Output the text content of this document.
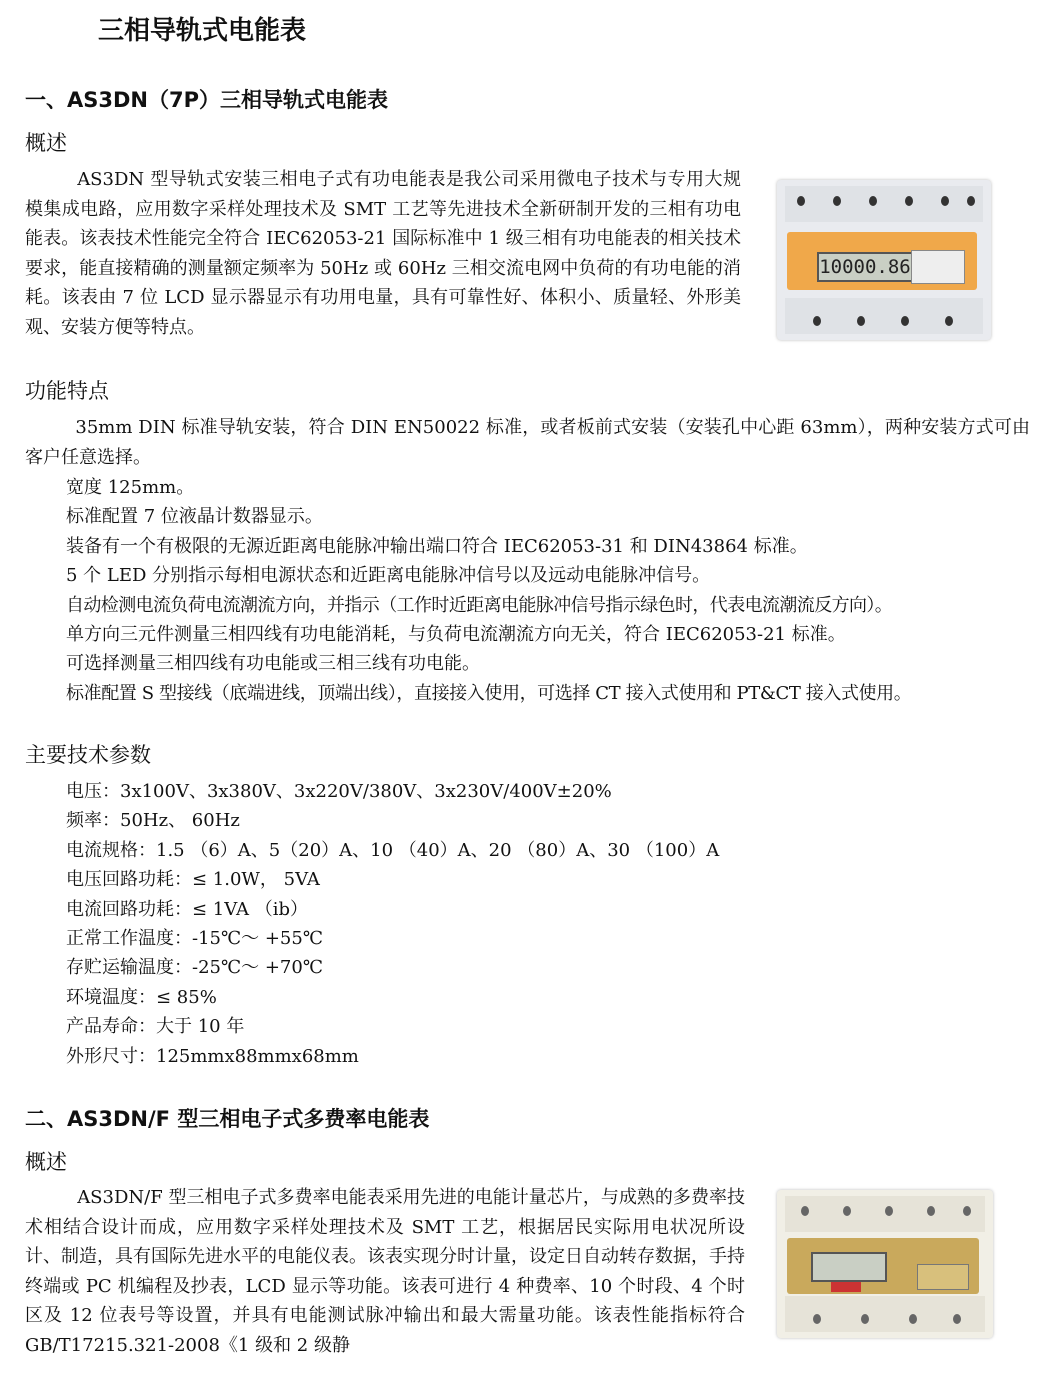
三相导轨式电能表
一、AS3DN（7P）三相导轨式电能表
概述

AS3DN 型导轨式安装三相电子式有功电能表是我公司采用微电子技术与专用大规模集成电路，应用数字采样处理技术及 SMT 工艺等先进技术全新研制开发的三相有功电能表。该表技术性能完全符合 IEC62053-21 国际标准中 1 级三相有功电能表的相关技术要求，能直接精确的测量额定频率为 50Hz 或 60Hz 三相交流电网中负荷的有功电能的消耗。该表由 7 位 LCD 显示器显示有功用电量，具有可靠性好、体积小、质量轻、外形美观、安装方便等特点。

10000.86
功能特点

35mm DIN 标准导轨安装，符合 DIN EN50022 标准，或者板前式安装（安装孔中心距 63mm），两种安装方式可由客户任意选择。

宽度 125mm。
标准配置 7 位液晶计数器显示。
装备有一个有极限的无源近距离电能脉冲输出端口符合 IEC62053-31 和 DIN43864 标准。
5 个 LED 分别指示每相电源状态和近距离电能脉冲信号以及远动电能脉冲信号。
自动检测电流负荷电流潮流方向，并指示（工作时近距离电能脉冲信号指示绿色时，代表电流潮流反方向）。
单方向三元件测量三相四线有功电能消耗，与负荷电流潮流方向无关，符合 IEC62053-21 标准。
可选择测量三相四线有功电能或三相三线有功电能。
标准配置 S 型接线（底端进线，顶端出线），直接接入使用，可选择 CT 接入式使用和 PT&CT 接入式使用。
主要技术参数
电压：3x100V、3x380V、3x220V/380V、3x230V/400V±20%
频率：50Hz、 60Hz
电流规格：1.5 （6）A、5（20）A、10 （40）A、20 （80）A、30 （100）A
电压回路功耗：≤ 1.0W， 5VA
电流回路功耗：≤ 1VA （ib）
正常工作温度：-15℃～ +55℃
存贮运输温度：-25℃～ +70℃
环境温度：≤ 85%
产品寿命：大于 10 年
外形尺寸：125mmx88mmx68mm
二、AS3DN/F 型三相电子式多费率电能表
概述

AS3DN/F 型三相电子式多费率电能表采用先进的电能计量芯片，与成熟的多费率技术相结合设计而成，应用数字采样处理技术及 SMT 工艺，根据居民实际用电状况所设计、制造，具有国际先进水平的电能仪表。该表实现分时计量，设定日自动转存数据，手持终端或 PC 机编程及抄表，LCD 显示等功能。该表可进行 4 种费率、10 个时段、4 个时区及 12 位表号等设置，并具有电能测试脉冲输出和最大需量功能。该表性能指标符合 GB/T17215.321-2008《1 级和 2 级静
